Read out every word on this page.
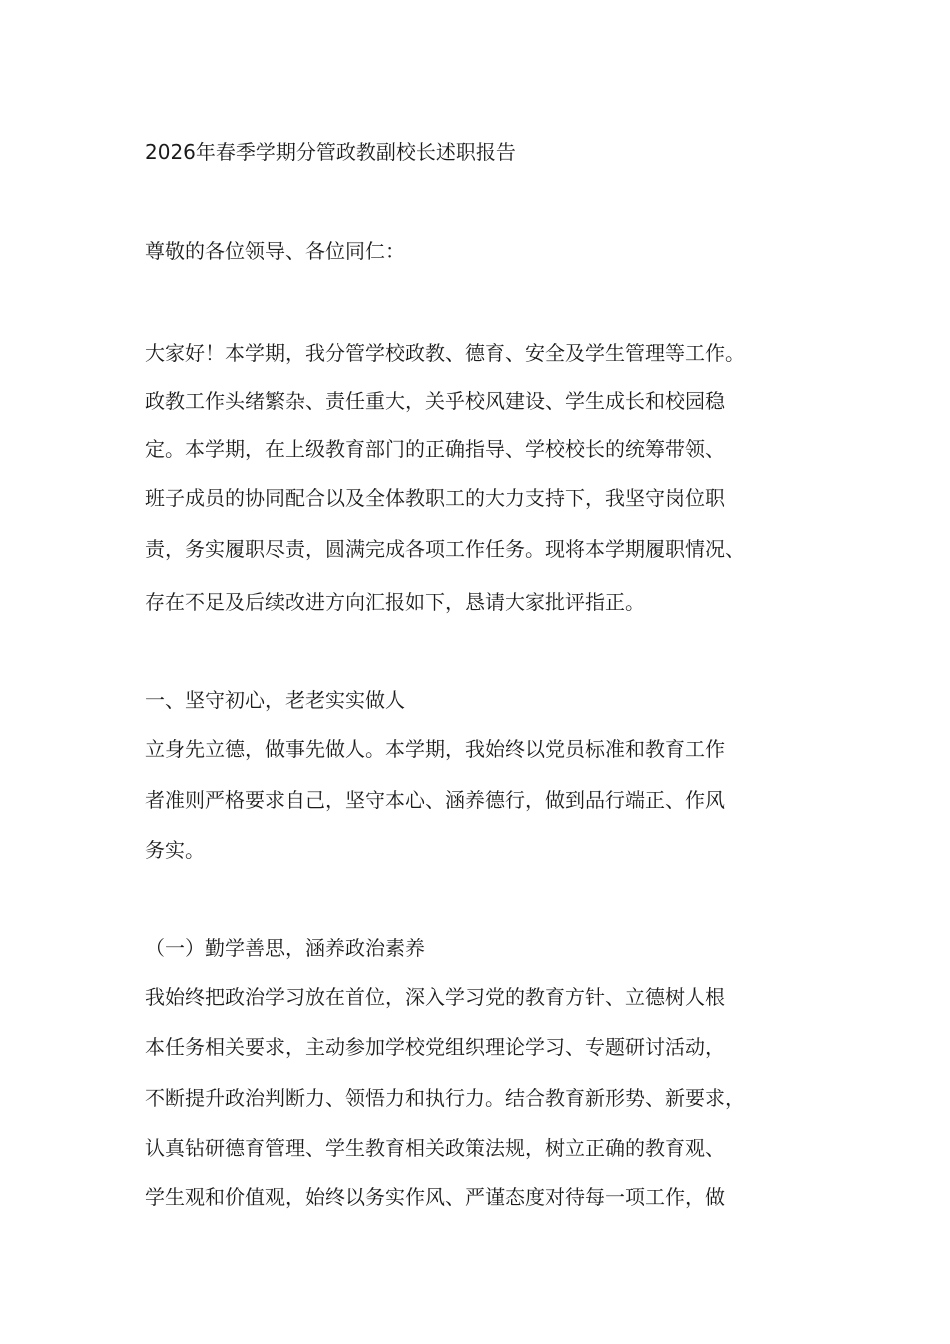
2026年春季学期分管政教副校长述职报告
尊敬的各位领导、各位同仁：
大家好！本学期，我分管学校政教、德育、安全及学生管理等工作。
政教工作头绪繁杂、责任重大，关乎校风建设、学生成长和校园稳
定。本学期，在上级教育部门的正确指导、学校校长的统筹带领、
班子成员的协同配合以及全体教职工的大力支持下，我坚守岗位职
责，务实履职尽责，圆满完成各项工作任务。现将本学期履职情况、
存在不足及后续改进方向汇报如下，恳请大家批评指正。
一、坚守初心，老老实实做人
立身先立德，做事先做人。本学期，我始终以党员标准和教育工作
者准则严格要求自己，坚守本心、涵养德行，做到品行端正、作风
务实。
（一）勤学善思，涵养政治素养
我始终把政治学习放在首位，深入学习党的教育方针、立德树人根
本任务相关要求，主动参加学校党组织理论学习、专题研讨活动，
不断提升政治判断力、领悟力和执行力。结合教育新形势、新要求，
认真钻研德育管理、学生教育相关政策法规，树立正确的教育观、
学生观和价值观，始终以务实作风、严谨态度对待每一项工作，做
